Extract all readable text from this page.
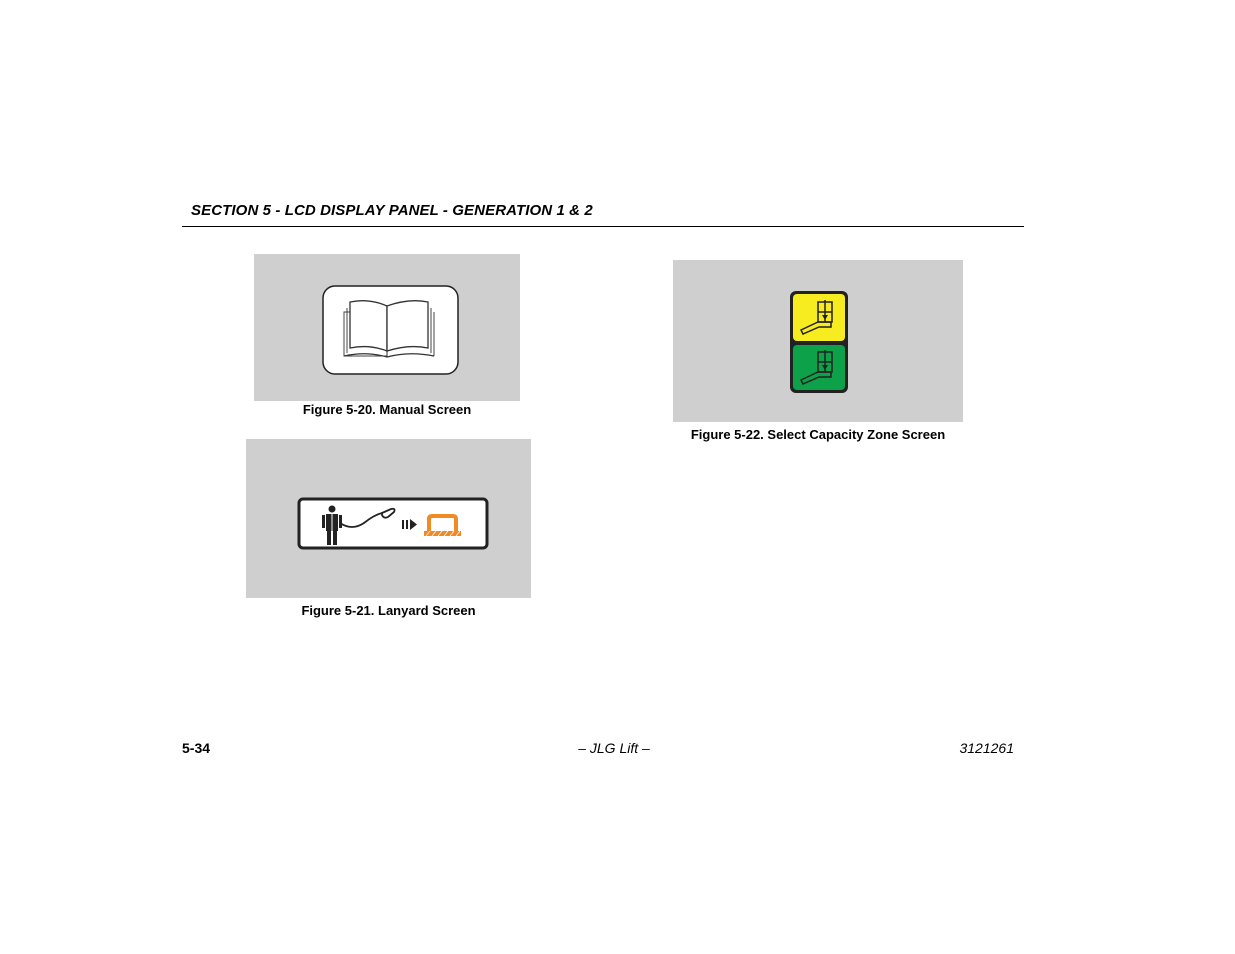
SECTION 5 - LCD DISPLAY PANEL - GENERATION 1 & 2
Figure 5-20. Manual Screen
Figure 5-21. Lanyard Screen
Figure 5-22. Select Capacity Zone Screen
5-34	– JLG Lift –	3121261
